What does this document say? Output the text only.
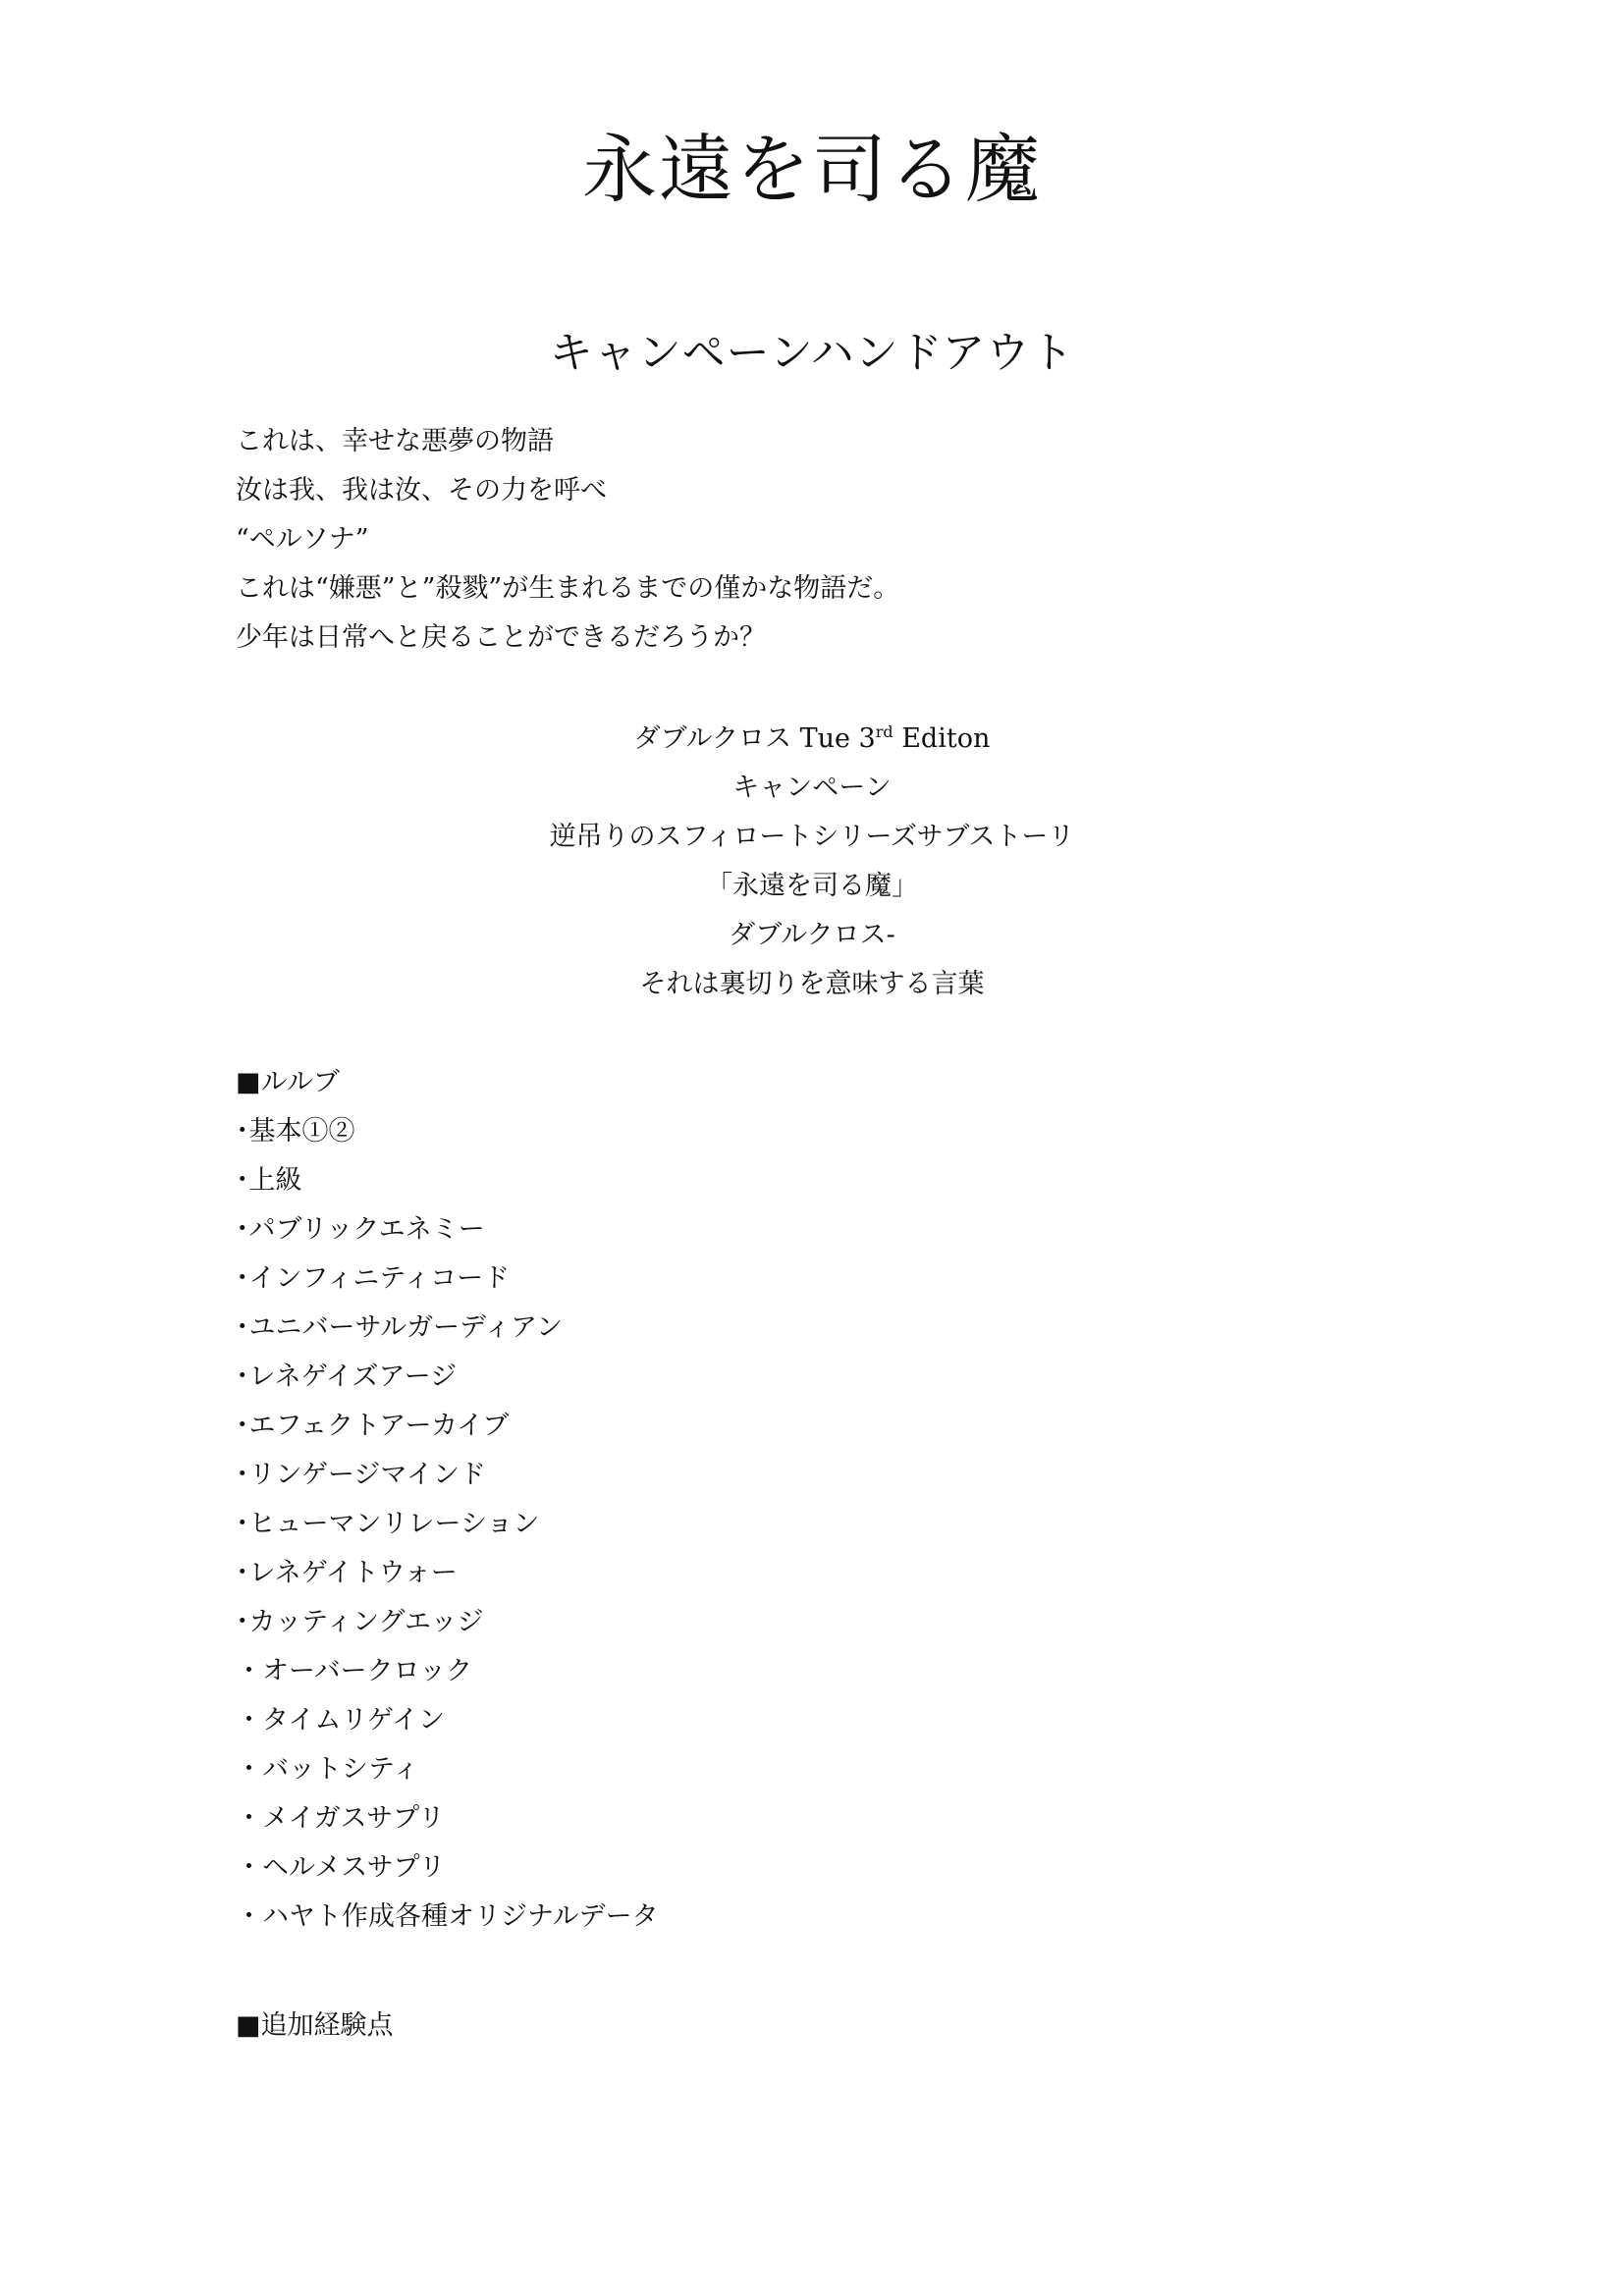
永遠を司る魔
キャンペーンハンドアウト
これは、幸せな悪夢の物語
汝は我、我は汝、その力を呼べ
“ペルソナ”
これは“嫌悪”と”殺戮”が生まれるまでの僅かな物語だ。
少年は日常へと戻ることができるだろうか？
ダブルクロス Tue 3rd Editon
キャンペーン
逆吊りのスフィロートシリーズサブストーリ
「永遠を司る魔」
ダブルクロス-
それは裏切りを意味する言葉
■ルルブ
･基本①②
･上級
･パブリックエネミー
･インフィニティコード
･ユニバーサルガーディアン
･レネゲイズアージ
･エフェクトアーカイブ
･リンゲージマインド
･ヒューマンリレーション
･レネゲイトウォー
･カッティングエッジ
・オーバークロック
・タイムリゲイン
・バットシティ
・メイガスサプリ
・ヘルメスサプリ
・ハヤト作成各種オリジナルデータ
■追加経験点
